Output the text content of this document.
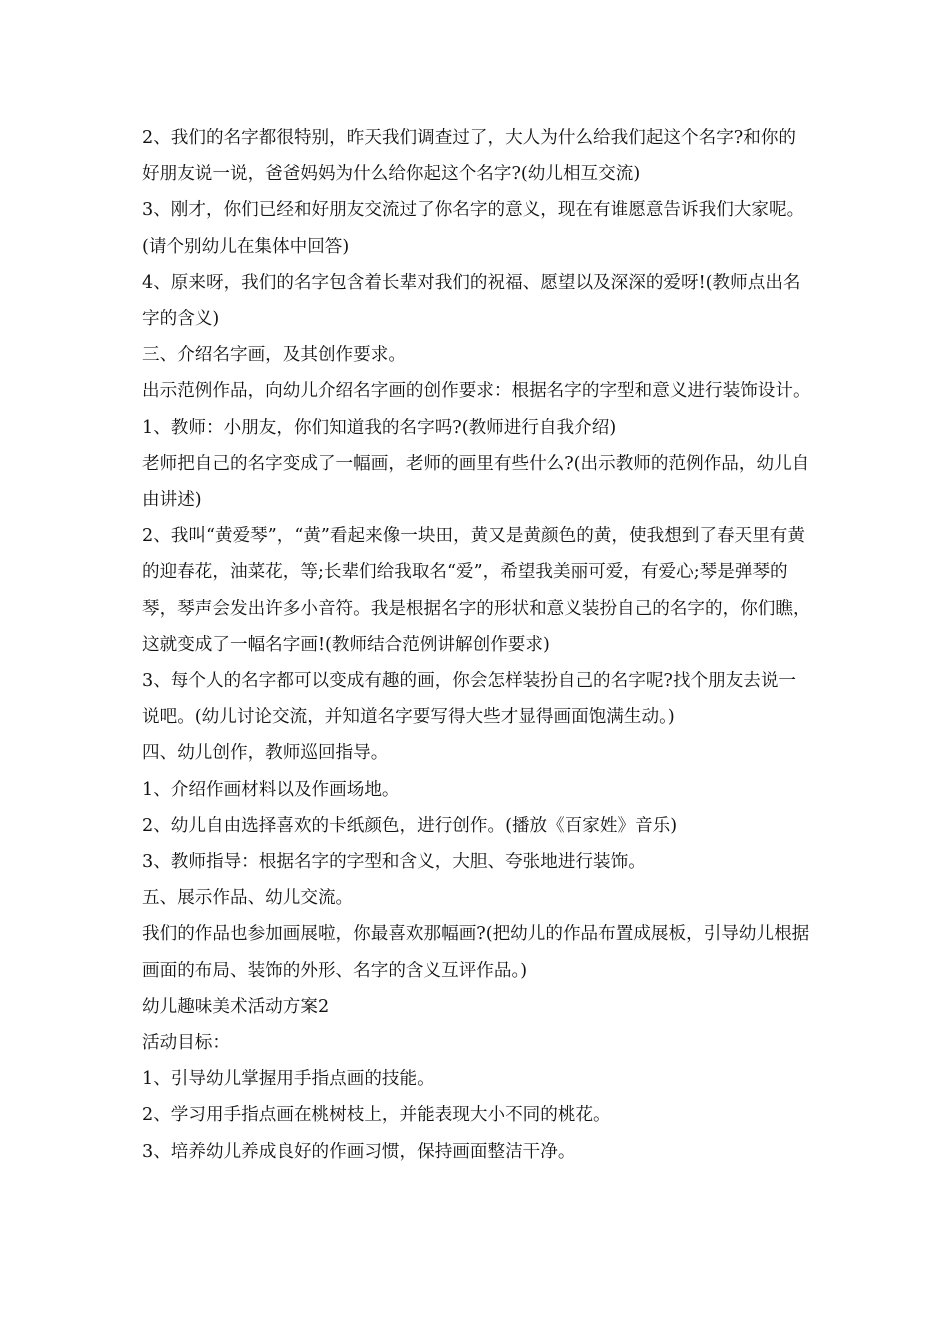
2、我们的名字都很特别，昨天我们调查过了，大人为什么给我们起这个名字?和你的好朋友说一说，爸爸妈妈为什么给你起这个名字?(幼儿相互交流)

3、刚才，你们已经和好朋友交流过了你名字的意义，现在有谁愿意告诉我们大家呢。(请个别幼儿在集体中回答)

4、原来呀，我们的名字包含着长辈对我们的祝福、愿望以及深深的爱呀!(教师点出名字的含义)

三、介绍名字画，及其创作要求。

出示范例作品，向幼儿介绍名字画的创作要求：根据名字的字型和意义进行装饰设计。

1、教师：小朋友，你们知道我的名字吗?(教师进行自我介绍)

老师把自己的名字变成了一幅画，老师的画里有些什么?(出示教师的范例作品，幼儿自由讲述)

2、我叫“黄爱琴”，“黄”看起来像一块田，黄又是黄颜色的黄，使我想到了春天里有黄的迎春花，油菜花，等;长辈们给我取名“爱”，希望我美丽可爱，有爱心;琴是弹琴的琴，琴声会发出许多小音符。我是根据名字的形状和意义装扮自己的名字的，你们瞧，这就变成了一幅名字画!(教师结合范例讲解创作要求)

3、每个人的名字都可以变成有趣的画，你会怎样装扮自己的名字呢?找个朋友去说一说吧。(幼儿讨论交流，并知道名字要写得大些才显得画面饱满生动。)

四、幼儿创作，教师巡回指导。

1、介绍作画材料以及作画场地。

2、幼儿自由选择喜欢的卡纸颜色，进行创作。(播放《百家姓》音乐)

3、教师指导：根据名字的字型和含义，大胆、夸张地进行装饰。

五、展示作品、幼儿交流。

我们的作品也参加画展啦，你最喜欢那幅画?(把幼儿的作品布置成展板，引导幼儿根据画面的布局、装饰的外形、名字的含义互评作品。)

幼儿趣味美术活动方案2

活动目标：

1、引导幼儿掌握用手指点画的技能。

2、学习用手指点画在桃树枝上，并能表现大小不同的桃花。

3、培养幼儿养成良好的作画习惯，保持画面整洁干净。
